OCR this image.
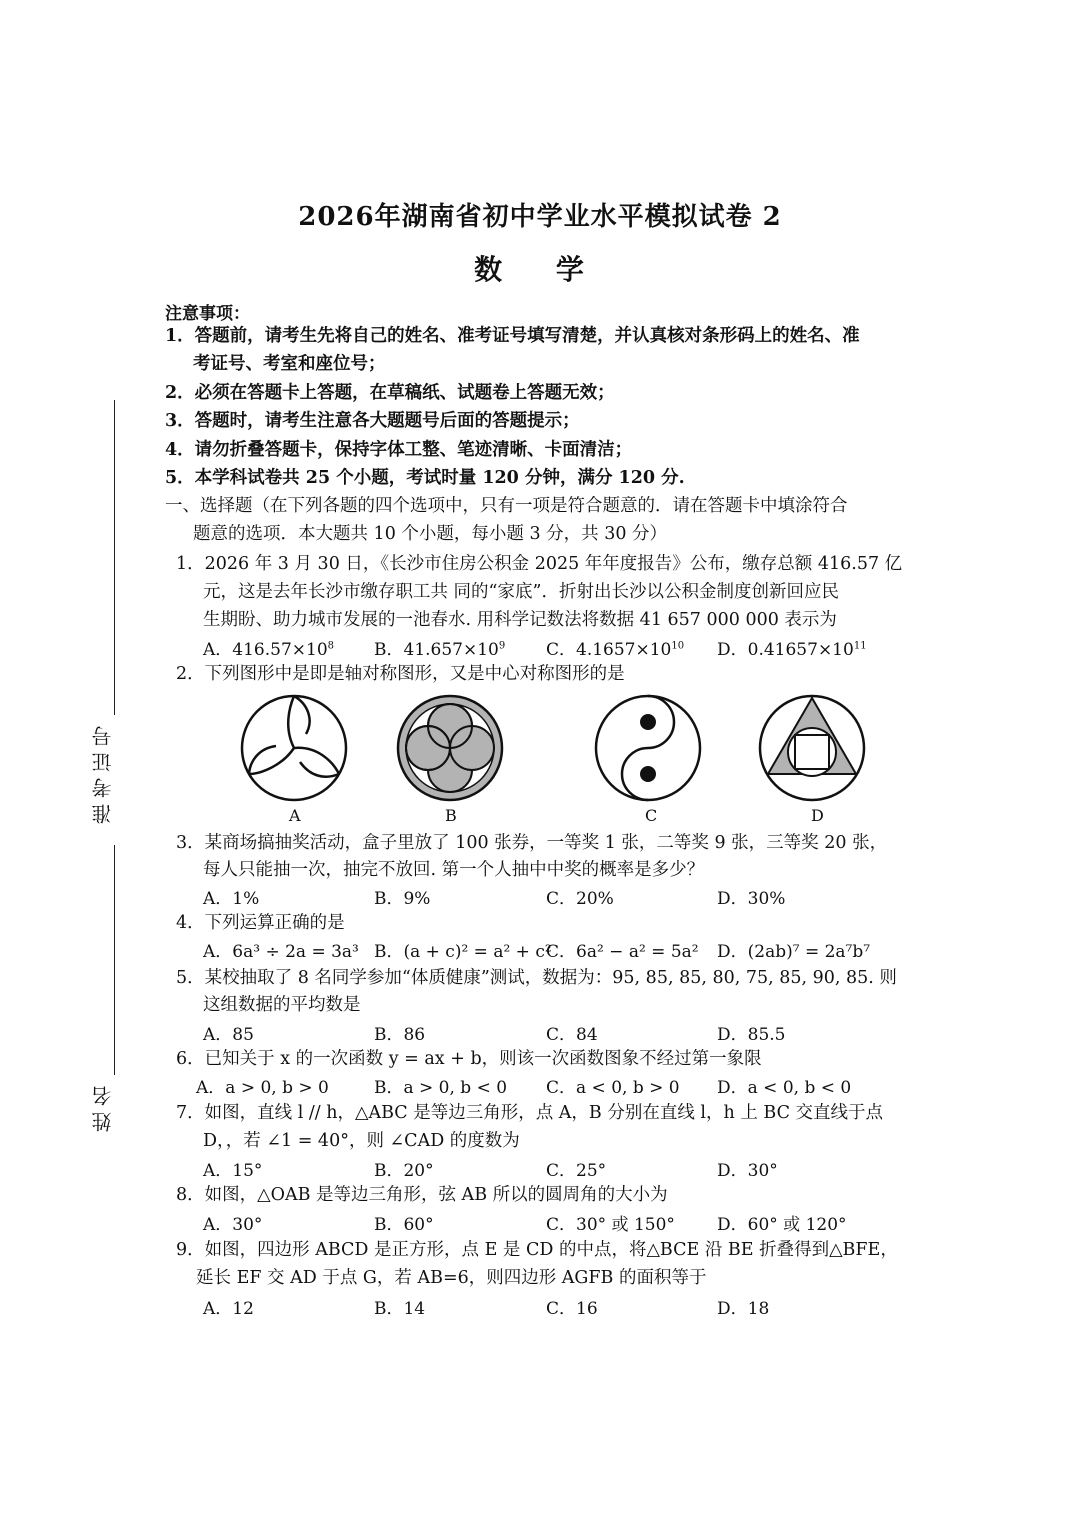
2026年湖南省初中学业水平模拟试卷 2
数 学
准考证号
姓名
注意事项：
1．答题前，请考生先将自己的姓名、准考证号填写清楚，并认真核对条形码上的姓名、准
考证号、考室和座位号；
2．必须在答题卡上答题，在草稿纸、试题卷上答题无效；
3．答题时，请考生注意各大题题号后面的答题提示；
4．请勿折叠答题卡，保持字体工整、笔迹清晰、卡面清洁；
5．本学科试卷共 25 个小题，考试时量 120 分钟，满分 120 分.
一、选择题（在下列各题的四个选项中，只有一项是符合题意的．请在答题卡中填涂符合
题意的选项．本大题共 10 个小题，每小题 3 分，共 30 分）
1．2026 年 3 月 30 日，《长沙市住房公积金 2025 年年度报告》公布，缴存总额 416.57 亿
元，这是去年长沙市缴存职工共 同的“家底”．折射出长沙以公积金制度创新回应民
生期盼、助力城市发展的一池春水. 用科学记数法将数据 41 657 000 000 表示为
A．$416.57\times 10^8$ B．$41.657\times 10^9$ C．$4.1657\times 10^{10}$ D．$0.41657\times 10^{11}$
2．下列图形中是即是轴对称图形，又是中心对称图形的是
A	B	C	D
3．某商场搞抽奖活动，盒子里放了 100 张券，一等奖 1 张，二等奖 9 张，三等奖 20 张，
每人只能抽一次，抽完不放回. 第一个人抽中中奖的概率是多少？
A．1%	B．9%	C．20%	D．30%
4．下列运算正确的是
A．6a³ ÷ 2a = 3a³ B．(a + c)² = a² + c²
C．6a² − a² = 5a² D．(2ab)⁷ = 2a⁷b⁷
5．某校抽取了 8 名同学参加“体质健康”测试，数据为：95, 85, 85, 80, 75, 85, 90, 85. 则
这组数据的平均数是
A．85	B．86	C．84	D．85.5
6．已知关于 x 的一次函数 y = ax + b，则该一次函数图象不经过第一象限
A．a > 0, b > 0	B．a > 0, b < 0 C．a < 0, b > 0 D．a < 0, b < 0
7．如图，直线 l // h，△ABC 是等边三角形，点 A，B 分别在直线 l，h 上 BC 交直线于点
D，，若 ∠1 = 40°，则 ∠CAD 的度数为
A．15°	B．20°	C．25°	D．30°
8．如图，△OAB 是等边三角形，弦 AB 所以的圆周角的大小为
A．30°	B．60°	C．30° 或 150° D．60° 或 120°
9．如图，四边形 ABCD 是正方形，点 E 是 CD 的中点，将△BCE 沿 BE 折叠得到△BFE，
延长 EF 交 AD 于点 G，若 AB=6，则四边形 AGFB 的面积等于
A．12	B．14	C．16	D．18
